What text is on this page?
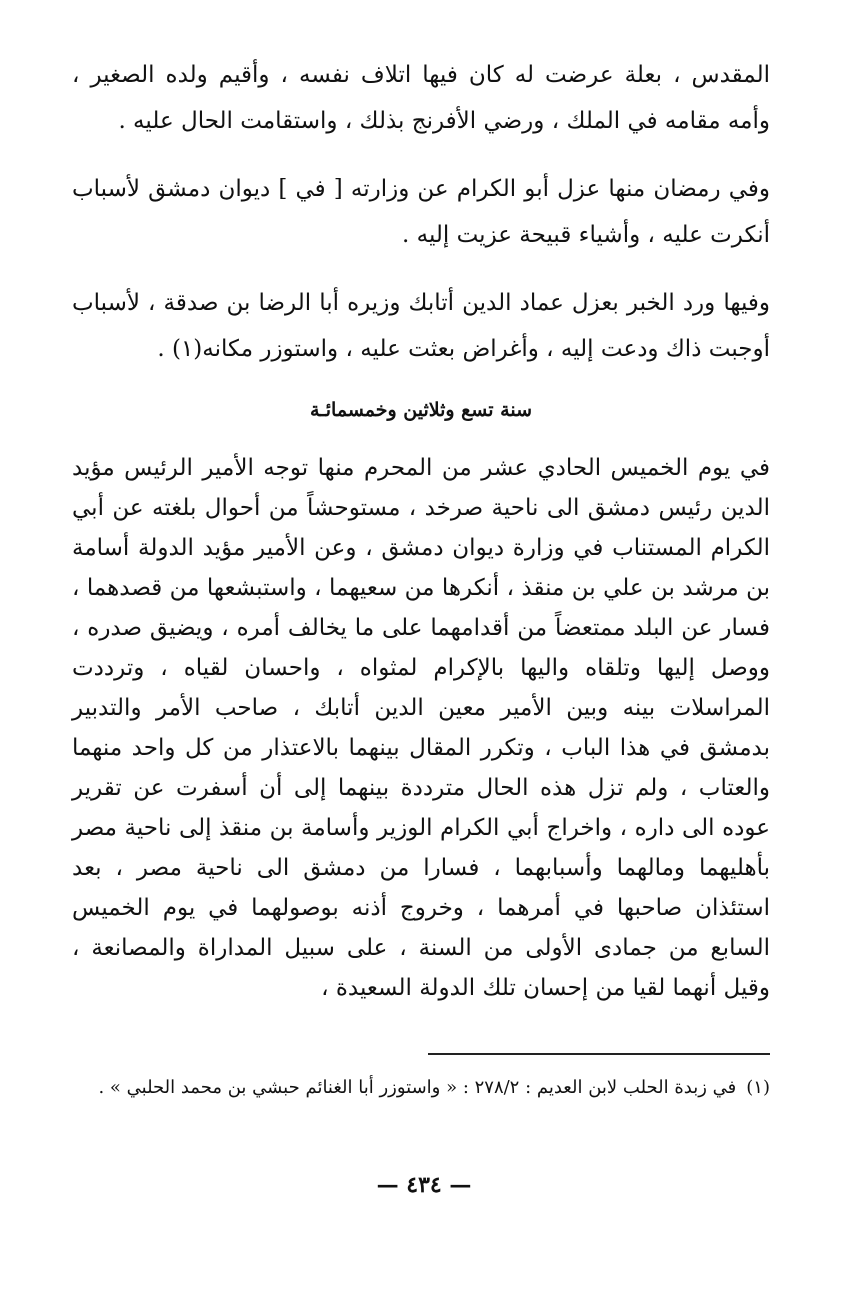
المقدس ، بعلة عرضت له كان فيها اتلاف نفسه ، وأقيم ولده الصغير ، وأمه مقامه في الملك ، ورضي الأفرنج بذلك ، واستقامت الحال عليه .

وفي رمضان منها عزل أبو الكرام عن وزارته [ في ] ديوان دمشق لأسباب أنكرت عليه ، وأشياء قبيحة عزيت إليه .

وفيها ورد الخبر بعزل عماد الدين أتابك وزيره أبا الرضا بن صدقة ، لأسباب أوجبت ذاك ودعت إليه ، وأغراض بعثت عليه ، واستوزر مكانه(١) .

سنة تسع وثلاثين وخمسمائـة

في يوم الخميس الحادي عشر من المحرم منها توجه الأمير الرئيس مؤيد الدين رئيس دمشق الى ناحية صرخد ، مستوحشاً من أحوال بلغته عن أبي الكرام المستناب في وزارة ديوان دمشق ، وعن الأمير مؤيد الدولة أسامة بن مرشد بن علي بن منقذ ، أنكرها من سعيهما ، واستبشعها من قصدهما ، فسار عن البلد ممتعضاً من أقدامهما على ما يخالف أمره ، ويضيق صدره ، ووصل إليها وتلقاه واليها بالإكرام لمثواه ، واحسان لقياه ، وترددت المراسلات بينه وبين الأمير معين الدين أتابك ، صاحب الأمر والتدبير بدمشق في هذا الباب ، وتكرر المقال بينهما بالاعتذار من كل واحد منهما والعتاب ، ولم تزل هذه الحال مترددة بينهما إلى أن أسفرت عن تقرير عوده الى داره ، واخراج أبي الكرام الوزير وأسامة بن منقذ إلى ناحية مصر بأهليهما ومالهما وأسبابهما ، فسارا من دمشق الى ناحية مصر ، بعد استئذان صاحبها في أمرهما ، وخروج أذنه بوصولهما في يوم الخميس السابع من جمادى الأولى من السنة ، على سبيل المداراة والمصانعة ، وقيل أنهما لقيا من إحسان تلك الدولة السعيدة ،

(١)
في زبدة الحلب لابن العديم : ٢٧٨/٢ : « واستوزر أبا الغنائم حبشي بن محمد الحلبي » .
— ٤٣٤ —
